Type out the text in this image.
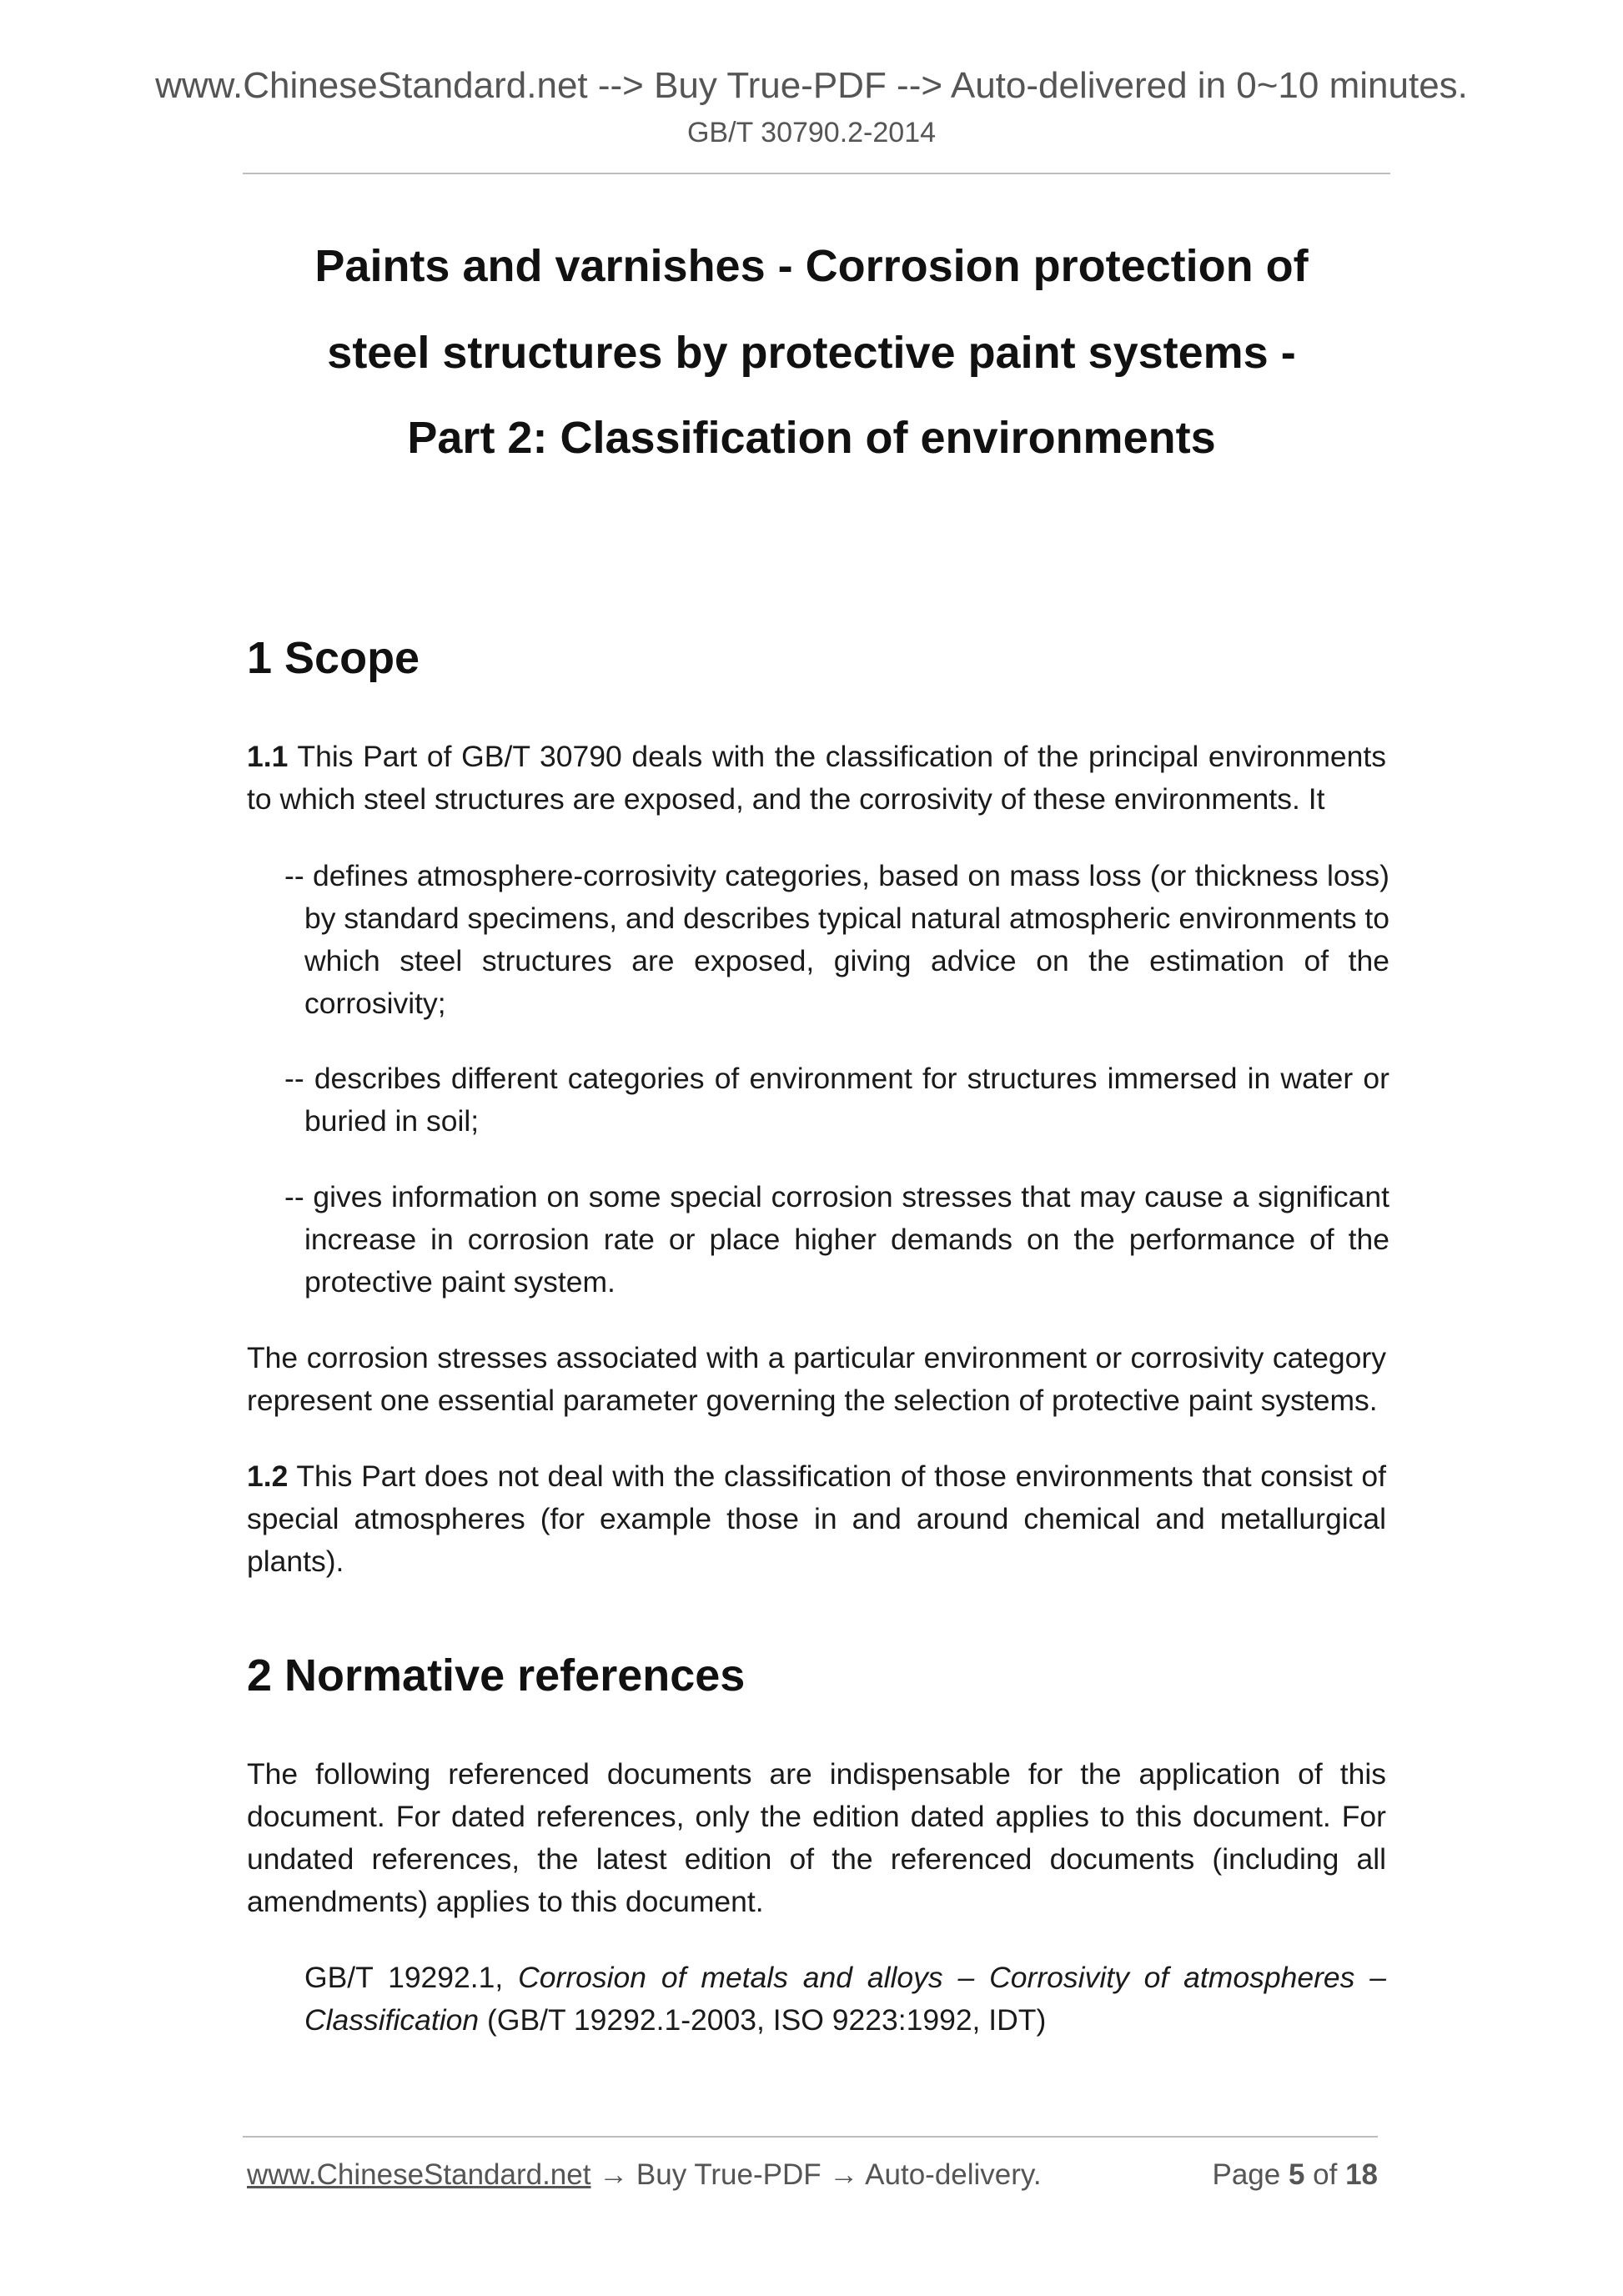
www.ChineseStandard.net --> Buy True-PDF --> Auto-delivered in 0~10 minutes.
GB/T 30790.2-2014
Paints and varnishes - Corrosion protection of
steel structures by protective paint systems -
Part 2: Classification of environments
1 Scope
1.1 This Part of GB/T 30790 deals with the classification of the principal environments to which steel structures are exposed, and the corrosivity of these environments. It
-- defines atmosphere-corrosivity categories, based on mass loss (or thickness loss) by standard specimens, and describes typical natural atmospheric environments to which steel structures are exposed, giving advice on the estimation of the corrosivity;
-- describes different categories of environment for structures immersed in water or buried in soil;
-- gives information on some special corrosion stresses that may cause a significant increase in corrosion rate or place higher demands on the performance of the protective paint system.
The corrosion stresses associated with a particular environment or corrosivity category represent one essential parameter governing the selection of protective paint systems.
1.2 This Part does not deal with the classification of those environments that consist of special atmospheres (for example those in and around chemical and metallurgical plants).
2 Normative references
The following referenced documents are indispensable for the application of this document. For dated references, only the edition dated applies to this document. For undated references, the latest edition of the referenced documents (including all amendments) applies to this document.
GB/T 19292.1, Corrosion of metals and alloys – Corrosivity of atmospheres – Classification (GB/T 19292.1-2003, ISO 9223:1992, IDT)
www.ChineseStandard.net → Buy True-PDF → Auto-delivery.	Page 5 of 18
